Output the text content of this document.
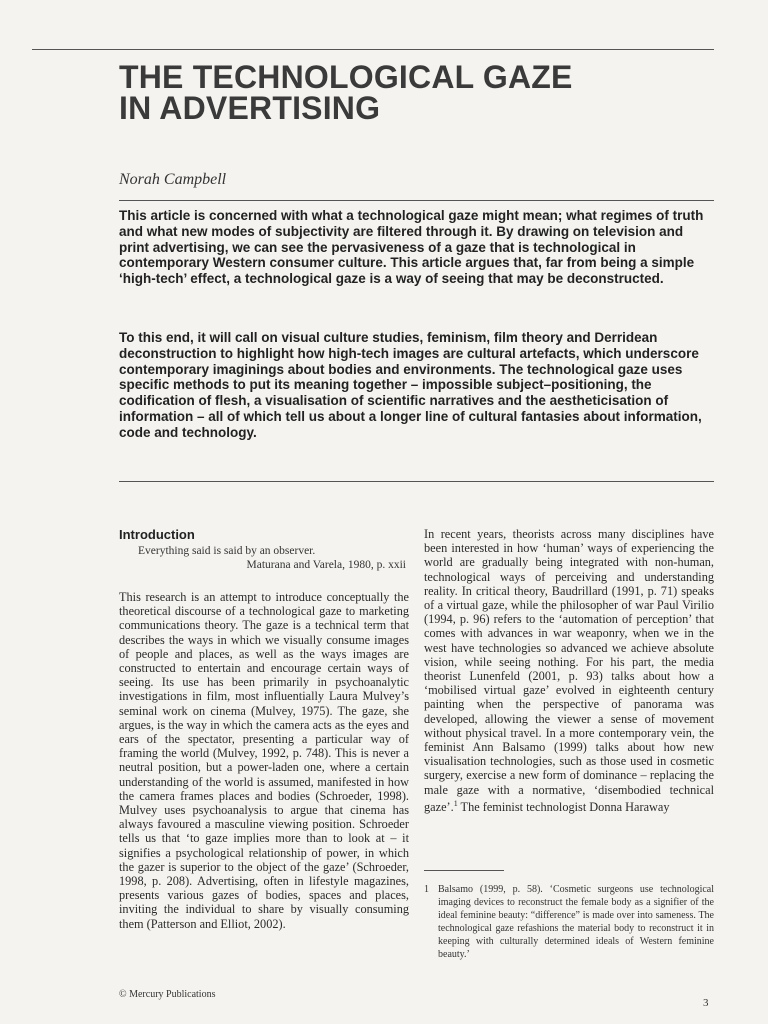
THE TECHNOLOGICAL GAZE
IN ADVERTISING
Norah Campbell

This article is concerned with what a technological gaze might mean; what regimes of truth and what new modes of subjectivity are filtered through it. By drawing on television and print advertising, we can see the pervasiveness of a gaze that is technological in contemporary Western consumer culture. This article argues that, far from being a simple ‘high-tech’ effect, a technological gaze is a way of seeing that may be deconstructed.

To this end, it will call on visual culture studies, feminism, film theory and Derridean deconstruction to highlight how high-tech images are cultural artefacts, which underscore contemporary imaginings about bodies and environments. The technological gaze uses specific methods to put its meaning together – impossible subject–positioning, the codification of flesh, a visualisation of scientific narratives and the aestheticisation of information – all of which tell us about a longer line of cultural fantasies about information, code and technology.

Introduction

Everything said is said by an observer.

Maturana and Varela, 1980, p. xxii

This research is an attempt to introduce conceptually the theoretical discourse of a technological gaze to marketing communications theory. The gaze is a technical term that describes the ways in which we visually consume images of people and places, as well as the ways images are constructed to entertain and encourage certain ways of seeing. Its use has been primarily in psychoanalytic investigations in film, most influentially Laura Mulvey’s seminal work on cinema (Mulvey, 1975). The gaze, she argues, is the way in which the camera acts as the eyes and ears of the spectator, presenting a particular way of framing the world (Mulvey, 1992, p. 748). This is never a neutral position, but a power-laden one, where a certain understanding of the world is assumed, manifested in how the camera frames places and bodies (Schroeder, 1998). Mulvey uses psychoanalysis to argue that cinema has always favoured a masculine viewing position. Schroeder tells us that ‘to gaze implies more than to look at – it signifies a psychological relationship of power, in which the gazer is superior to the object of the gaze’ (Schroeder, 1998, p. 208). Advertising, often in lifestyle magazines, presents various gazes of bodies, spaces and places, inviting the individual to share by visually consuming them (Patterson and Elliot, 2002).

In recent years, theorists across many disciplines have been interested in how ‘human’ ways of experiencing the world are gradually being integrated with non-human, technological ways of perceiving and understanding reality. In critical theory, Baudrillard (1991, p. 71) speaks of a virtual gaze, while the philosopher of war Paul Virilio (1994, p. 96) refers to the ‘automation of perception’ that comes with advances in war weaponry, when we in the west have technologies so advanced we achieve absolute vision, while seeing nothing. For his part, the media theorist Lunenfeld (2001, p. 93) talks about how a ‘mobilised virtual gaze’ evolved in eighteenth century painting when the perspective of panorama was developed, allowing the viewer a sense of movement without physical travel. In a more contemporary vein, the feminist Ann Balsamo (1999) talks about how new visualisation technologies, such as those used in cosmetic surgery, exercise a new form of dominance – replacing the male gaze with a normative, ‘disembodied technical gaze’.$^1$ The feminist technologist Donna Haraway

1 Balsamo (1999, p. 58). ‘Cosmetic surgeons use technological imaging devices to reconstruct the female body as a signifier of the ideal feminine beauty: “difference” is made over into sameness. The technological gaze refashions the material body to reconstruct it in keeping with culturally determined ideals of Western feminine beauty.’
© Mercury Publications
3
